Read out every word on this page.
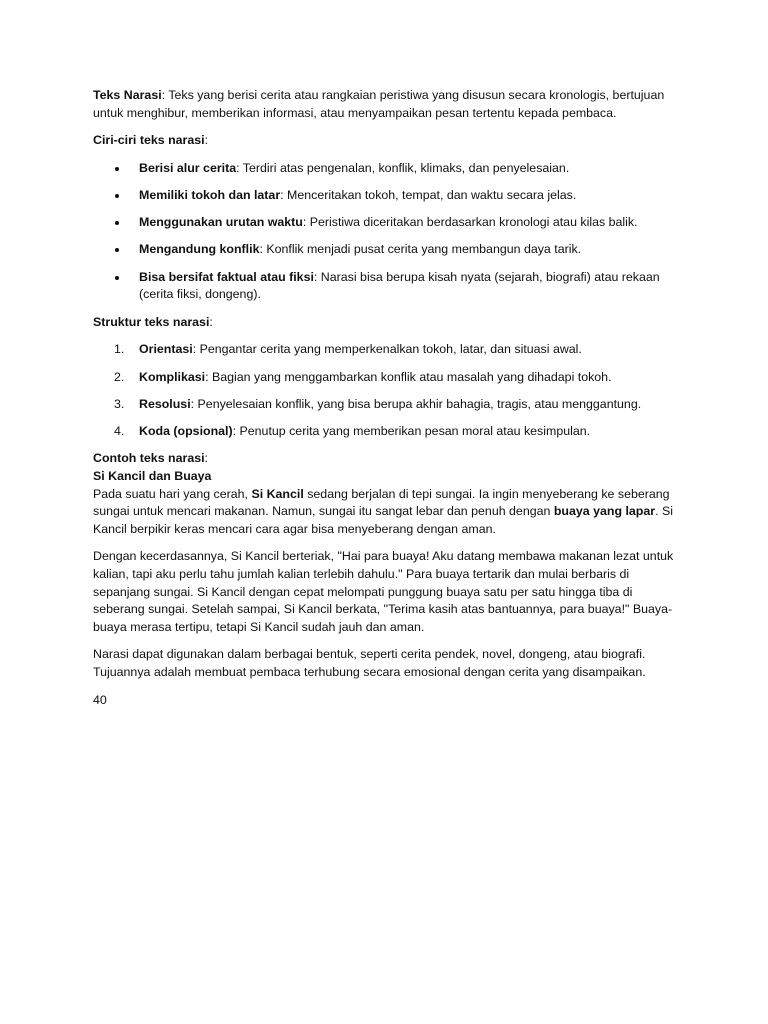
Teks Narasi: Teks yang berisi cerita atau rangkaian peristiwa yang disusun secara kronologis, bertujuan untuk menghibur, memberikan informasi, atau menyampaikan pesan tertentu kepada pembaca.

Ciri-ciri teks narasi:

Berisi alur cerita: Terdiri atas pengenalan, konflik, klimaks, dan penyelesaian.
Memiliki tokoh dan latar: Menceritakan tokoh, tempat, dan waktu secara jelas.
Menggunakan urutan waktu: Peristiwa diceritakan berdasarkan kronologi atau kilas balik.
Mengandung konflik: Konflik menjadi pusat cerita yang membangun daya tarik.
Bisa bersifat faktual atau fiksi: Narasi bisa berupa kisah nyata (sejarah, biografi) atau rekaan (cerita fiksi, dongeng).

Struktur teks narasi:

1. Orientasi: Pengantar cerita yang memperkenalkan tokoh, latar, dan situasi awal.
2. Komplikasi: Bagian yang menggambarkan konflik atau masalah yang dihadapi tokoh.
3. Resolusi: Penyelesaian konflik, yang bisa berupa akhir bahagia, tragis, atau menggantung.
4. Koda (opsional): Penutup cerita yang memberikan pesan moral atau kesimpulan.

Contoh teks narasi:

Si Kancil dan Buaya

Pada suatu hari yang cerah, Si Kancil sedang berjalan di tepi sungai. Ia ingin menyeberang ke seberang sungai untuk mencari makanan. Namun, sungai itu sangat lebar dan penuh dengan buaya yang lapar. Si Kancil berpikir keras mencari cara agar bisa menyeberang dengan aman.

Dengan kecerdasannya, Si Kancil berteriak, "Hai para buaya! Aku datang membawa makanan lezat untuk kalian, tapi aku perlu tahu jumlah kalian terlebih dahulu." Para buaya tertarik dan mulai berbaris di sepanjang sungai. Si Kancil dengan cepat melompati punggung buaya satu per satu hingga tiba di seberang sungai. Setelah sampai, Si Kancil berkata, "Terima kasih atas bantuannya, para buaya!" Buaya-buaya merasa tertipu, tetapi Si Kancil sudah jauh dan aman.

Narasi dapat digunakan dalam berbagai bentuk, seperti cerita pendek, novel, dongeng, atau biografi. Tujuannya adalah membuat pembaca terhubung secara emosional dengan cerita yang disampaikan.

40
